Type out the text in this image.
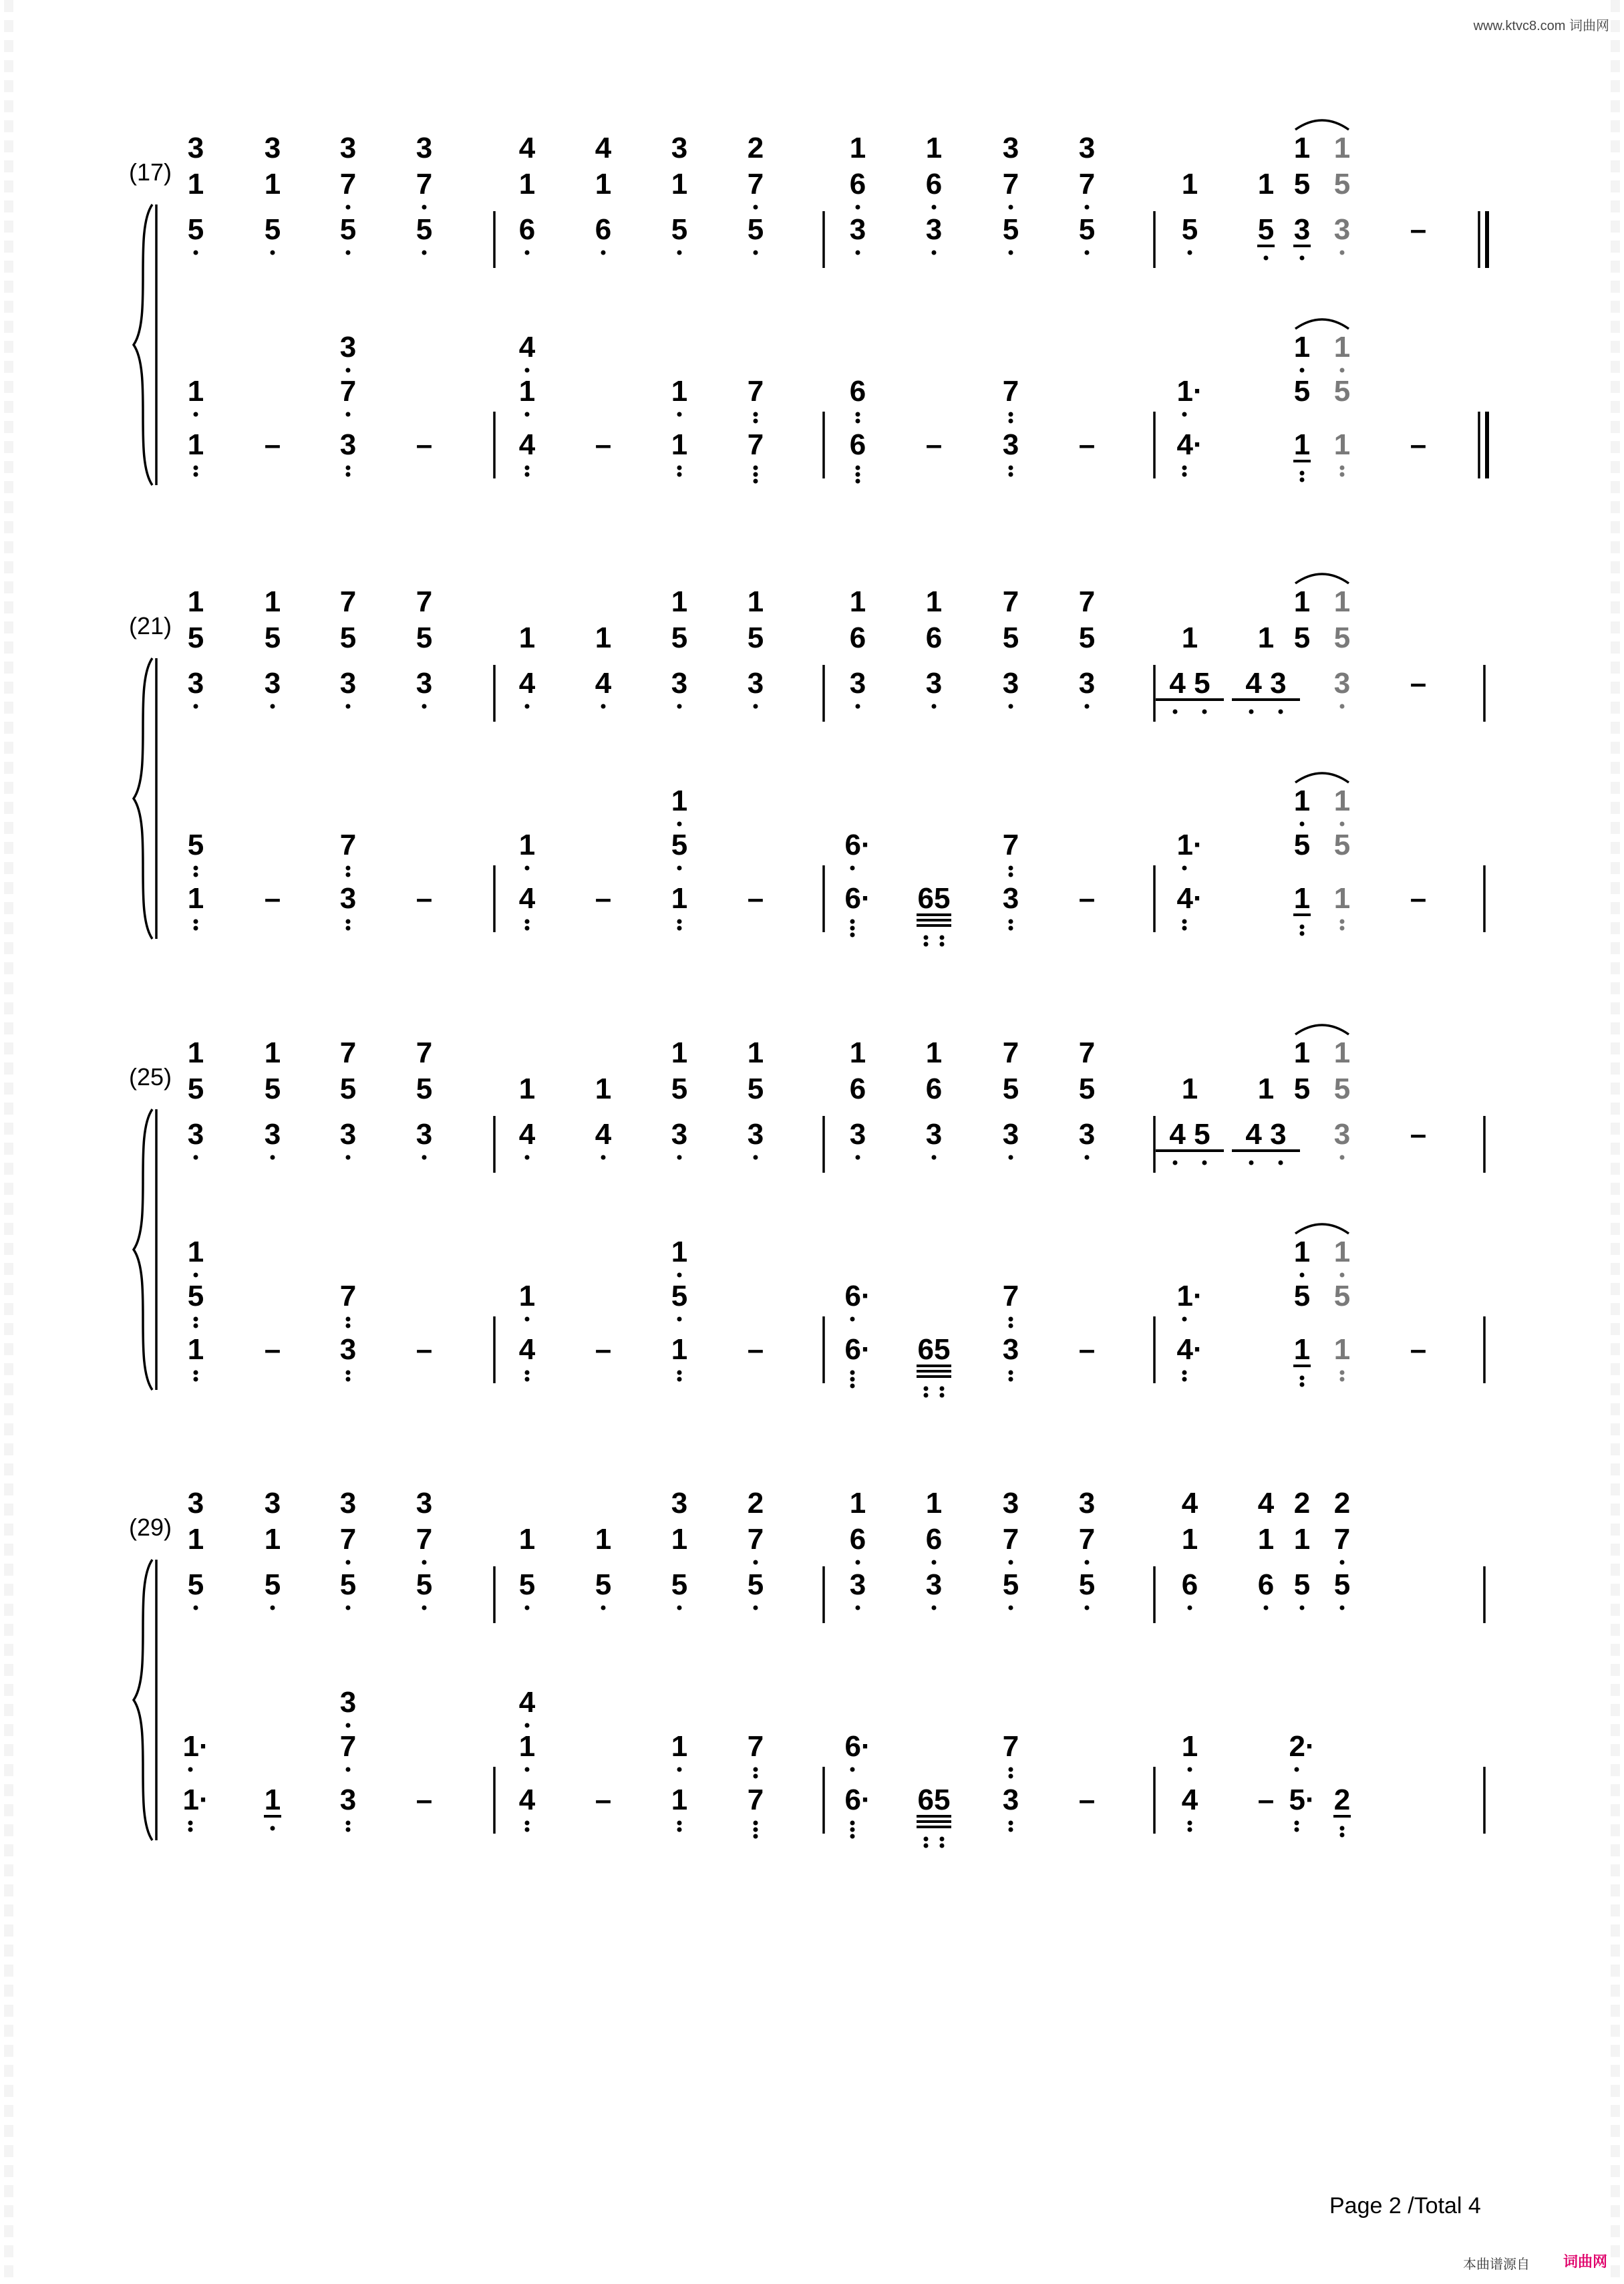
www.ktvc8.com 词曲网
(17)
3
1
5
3
1
5
3
7
5
3
7
5
4
1
6
4
1
6
3
1
5
2
7
5
1
6
3
1
6
3
3
7
5
3
7
5
1
5
1
5
1
5
3
1
5
3 –
1
1 –
3
7
3 –
4
1
4 –
1
1
7
7
6
6 –
7
3 –
1·
4·
1
5
1
1
5
1 –
(21)
1
5
3
1
5
3
7
5
3
7
5
3
1
4
1
4
1
5
3
1
5
3
1
6
3
1
6
3
7
5
3
7
5
3
1
4 5
1
4 3
1
5
1
5
3 –
5
1 –
7
3 –
1
4 –
1
5
1 –
6·
6· 65
7
3 –
1·
4·
1
5
1
1
5
1 –
(25)
1
5
3
1
5
3
7
5
3
7
5
3
1
4
1
4
1
5
3
1
5
3
1
6
3
1
6
3
7
5
3
7
5
3
1
4 5
1
4 3
1
5
1
5
3 –
1
5
1 –
7
3 –
1
4 –
1
5
1 –
6·
6· 65
7
3 –
1·
4·
1
5
1
1
5
1 –
(29)
3
1
5
3
1
5
3
7
5
3
7
5
1
5
1
5
3
1
5
2
7
5
1
6
3
1
6
3
3
7
5
3
7
5
4
1
6
4
1
6
2
1
5
2
7
5
1·
1· 1
3
7
3 –
4
1
4 –
1
1
7
7
6·
6· 65
7
3 –
1
4 –
2·
5· 2
Page 2 /Total 4
本曲谱源自 词曲网
